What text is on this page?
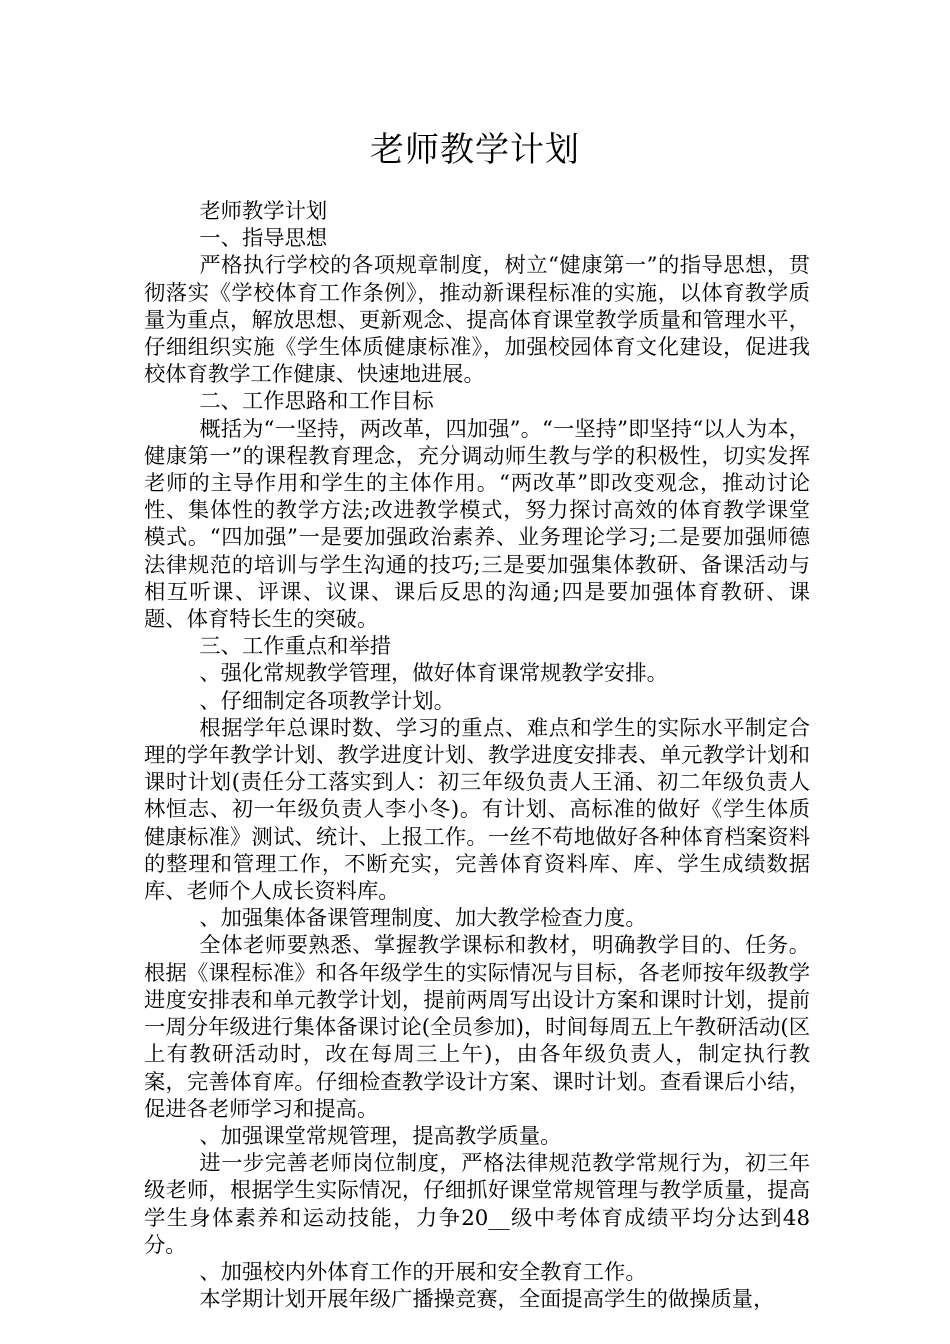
老师教学计划

老师教学计划

一、指导思想

严格执行学校的各项规章制度，树立“健康第一”的指导思想，贯彻落实《学校体育工作条例》，推动新课程标准的实施，以体育教学质量为重点，解放思想、更新观念、提高体育课堂教学质量和管理水平，仔细组织实施《学生体质健康标准》，加强校园体育文化建设，促进我校体育教学工作健康、快速地进展。

二、工作思路和工作目标

概括为“一坚持，两改革，四加强”。“一坚持”即坚持“以人为本，健康第一”的课程教育理念，充分调动师生教与学的积极性，切实发挥老师的主导作用和学生的主体作用。“两改革”即改变观念，推动讨论性、集体性的教学方法;改进教学模式，努力探讨高效的体育教学课堂模式。“四加强”一是要加强政治素养、业务理论学习;二是要加强师德法律规范的培训与学生沟通的技巧;三是要加强集体教研、备课活动与相互听课、评课、议课、课后反思的沟通;四是要加强体育教研、课题、体育特长生的突破。

三、工作重点和举措

、强化常规教学管理，做好体育课常规教学安排。

、仔细制定各项教学计划。

根据学年总课时数、学习的重点、难点和学生的实际水平制定合理的学年教学计划、教学进度计划、教学进度安排表、单元教学计划和课时计划(责任分工落实到人：初三年级负责人王涌、初二年级负责人林恒志、初一年级负责人李小冬)。有计划、高标准的做好《学生体质健康标准》测试、统计、上报工作。一丝不苟地做好各种体育档案资料的整理和管理工作，不断充实，完善体育资料库、库、学生成绩数据库、老师个人成长资料库。

、加强集体备课管理制度、加大教学检查力度。

全体老师要熟悉、掌握教学课标和教材，明确教学目的、任务。根据《课程标准》和各年级学生的实际情况与目标，各老师按年级教学进度安排表和单元教学计划，提前两周写出设计方案和课时计划，提前一周分年级进行集体备课讨论(全员参加)，时间每周五上午教研活动(区上有教研活动时，改在每周三上午)，由各年级负责人，制定执行教案，完善体育库。仔细检查教学设计方案、课时计划。查看课后小结，促进各老师学习和提高。

、加强课堂常规管理，提高教学质量。

进一步完善老师岗位制度，严格法律规范教学常规行为，初三年级老师，根据学生实际情况，仔细抓好课堂常规管理与教学质量，提高学生身体素养和运动技能，力争20__级中考体育成绩平均分达到48分。

、加强校内外体育工作的开展和安全教育工作。

本学期计划开展年级广播操竞赛，全面提高学生的做操质量，
